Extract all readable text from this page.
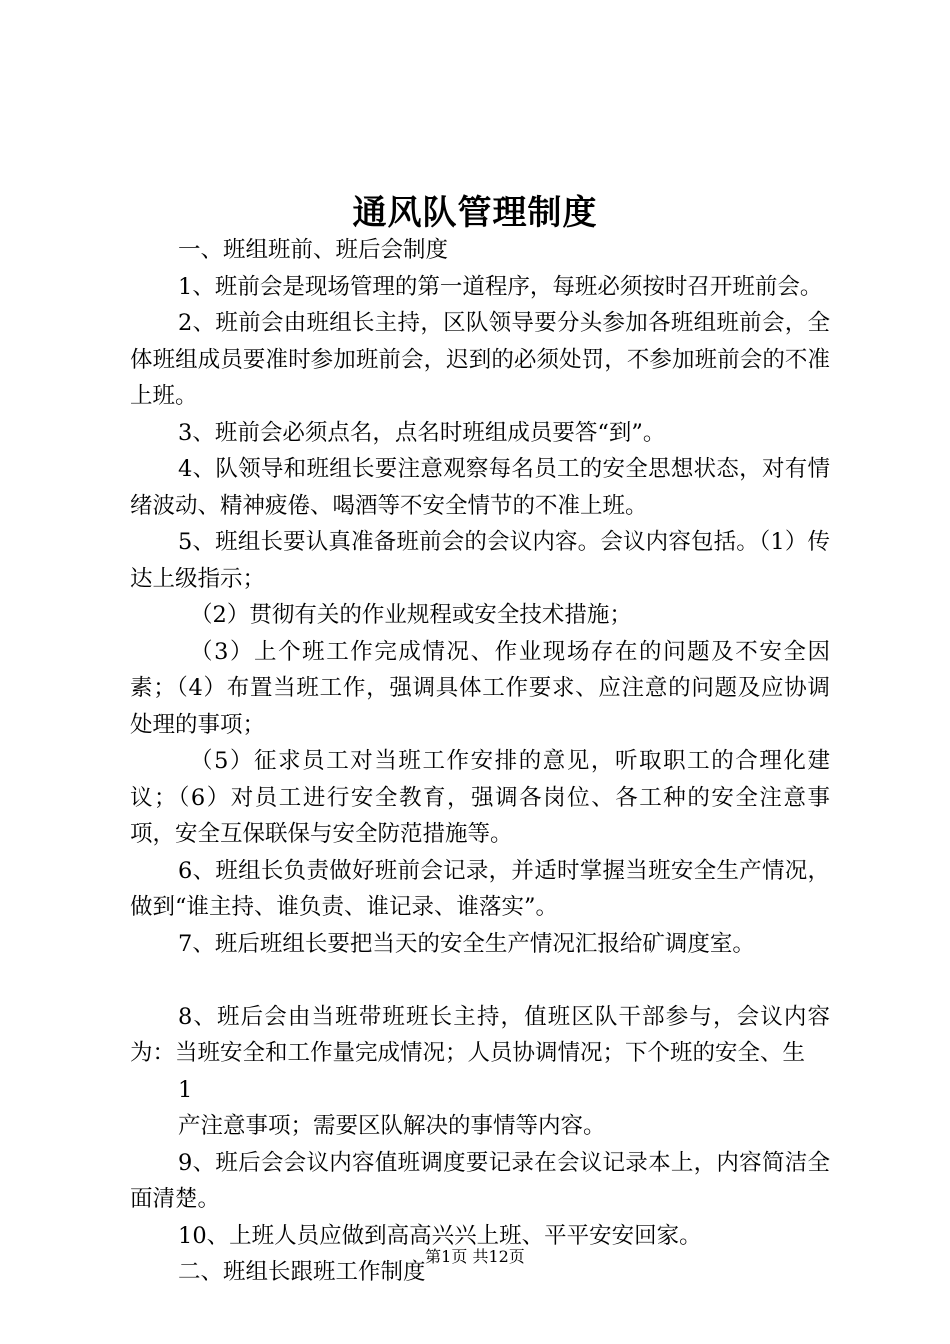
通风队管理制度

一、班组班前、班后会制度

1、班前会是现场管理的第一道程序，每班必须按时召开班前会。

2、班前会由班组长主持，区队领导要分头参加各班组班前会，全体班组成员要准时参加班前会，迟到的必须处罚，不参加班前会的不准上班。

3、班前会必须点名，点名时班组成员要答“到”。

4、队领导和班组长要注意观察每名员工的安全思想状态，对有情绪波动、精神疲倦、喝酒等不安全情节的不准上班。

5、班组长要认真准备班前会的会议内容。会议内容包括。（1）传达上级指示；

（2）贯彻有关的作业规程或安全技术措施；

（3）上个班工作完成情况、作业现场存在的问题及不安全因素；（4）布置当班工作，强调具体工作要求、应注意的问题及应协调处理的事项；

（5）征求员工对当班工作安排的意见，听取职工的合理化建议；（6）对员工进行安全教育，强调各岗位、各工种的安全注意事项，安全互保联保与安全防范措施等。

6、班组长负责做好班前会记录，并适时掌握当班安全生产情况，做到“谁主持、谁负责、谁记录、谁落实”。

7、班后班组长要把当天的安全生产情况汇报给矿调度室。

8、班后会由当班带班班长主持，值班区队干部参与，会议内容为：当班安全和工作量完成情况；人员协调情况；下个班的安全、生

1

产注意事项；需要区队解决的事情等内容。

9、班后会会议内容值班调度要记录在会议记录本上，内容简洁全面清楚。

10、上班人员应做到高高兴兴上班、平平安安回家。

二、班组长跟班工作制度

第1页 共12页
